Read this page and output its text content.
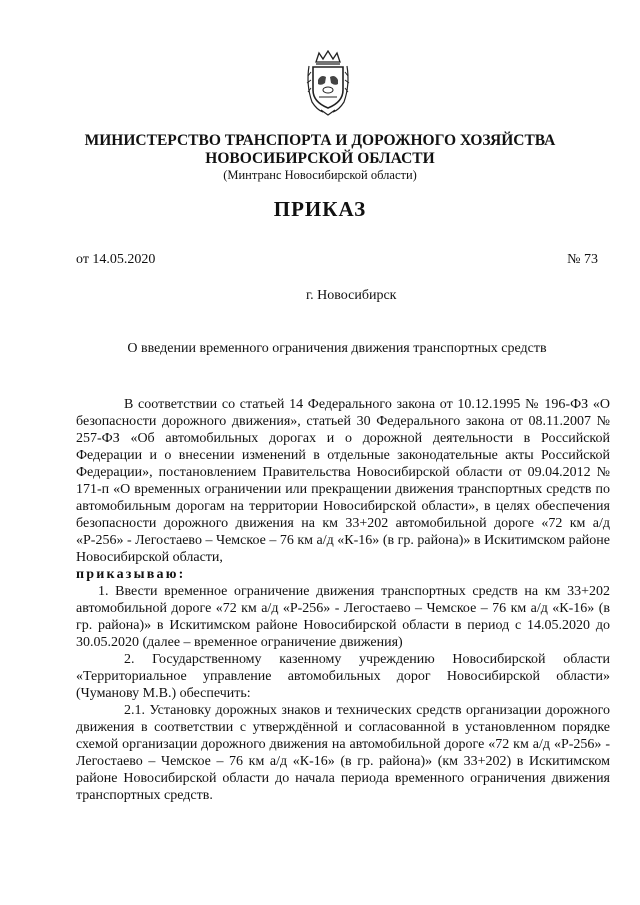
МИНИСТЕРСТВО ТРАНСПОРТА И ДОРОЖНОГО ХОЗЯЙСТВА
НОВОСИБИРСКОЙ ОБЛАСТИ
(Минтранс Новосибирской области)
ПРИКАЗ
от 14.05.2020	№ 73
г. Новосибирск
О введении временного ограничения движения транспортных средств

В соответствии со статьей 14 Федерального закона от 10.12.1995 № 196-ФЗ «О безопасности дорожного движения», статьей 30 Федерального закона от 08.11.2007 № 257-ФЗ «Об автомобильных дорогах и о дорожной деятельности в Российской Федерации и о внесении изменений в отдельные законодательные акты Российской Федерации», постановлением Правительства Новосибирской области от 09.04.2012 № 171-п «О временных ограничении или прекращении движения транспортных средств по автомобильным дорогам на территории Новосибирской области», в целях обеспечения безопасности дорожного движения на км 33+202 автомобильной дороге «72 км а/д «Р-256» - Легостаево – Чемское – 76 км а/д «К-16» (в гр. района)» в Искитимском районе Новосибирской области,
приказываю:

1. Ввести временное ограничение движения транспортных средств на км 33+202 автомобильной дороге «72 км а/д «Р-256» - Легостаево – Чемское – 76 км а/д «К-16» (в гр. района)» в Искитимском районе Новосибирской области в период с 14.05.2020 до 30.05.2020 (далее – временное ограничение движения)

2. Государственному казенному учреждению Новосибирской области «Территориальное управление автомобильных дорог Новосибирской области» (Чуманову М.В.) обеспечить:

2.1. Установку дорожных знаков и технических средств организации дорожного движения в соответствии с утверждённой и согласованной в установленном порядке схемой организации дорожного движения на автомобильной дороге «72 км а/д «Р-256» - Легостаево – Чемское – 76 км а/д «К-16» (в гр. района)» (км 33+202) в Искитимском районе Новосибирской области до начала периода временного ограничения движения транспортных средств.
